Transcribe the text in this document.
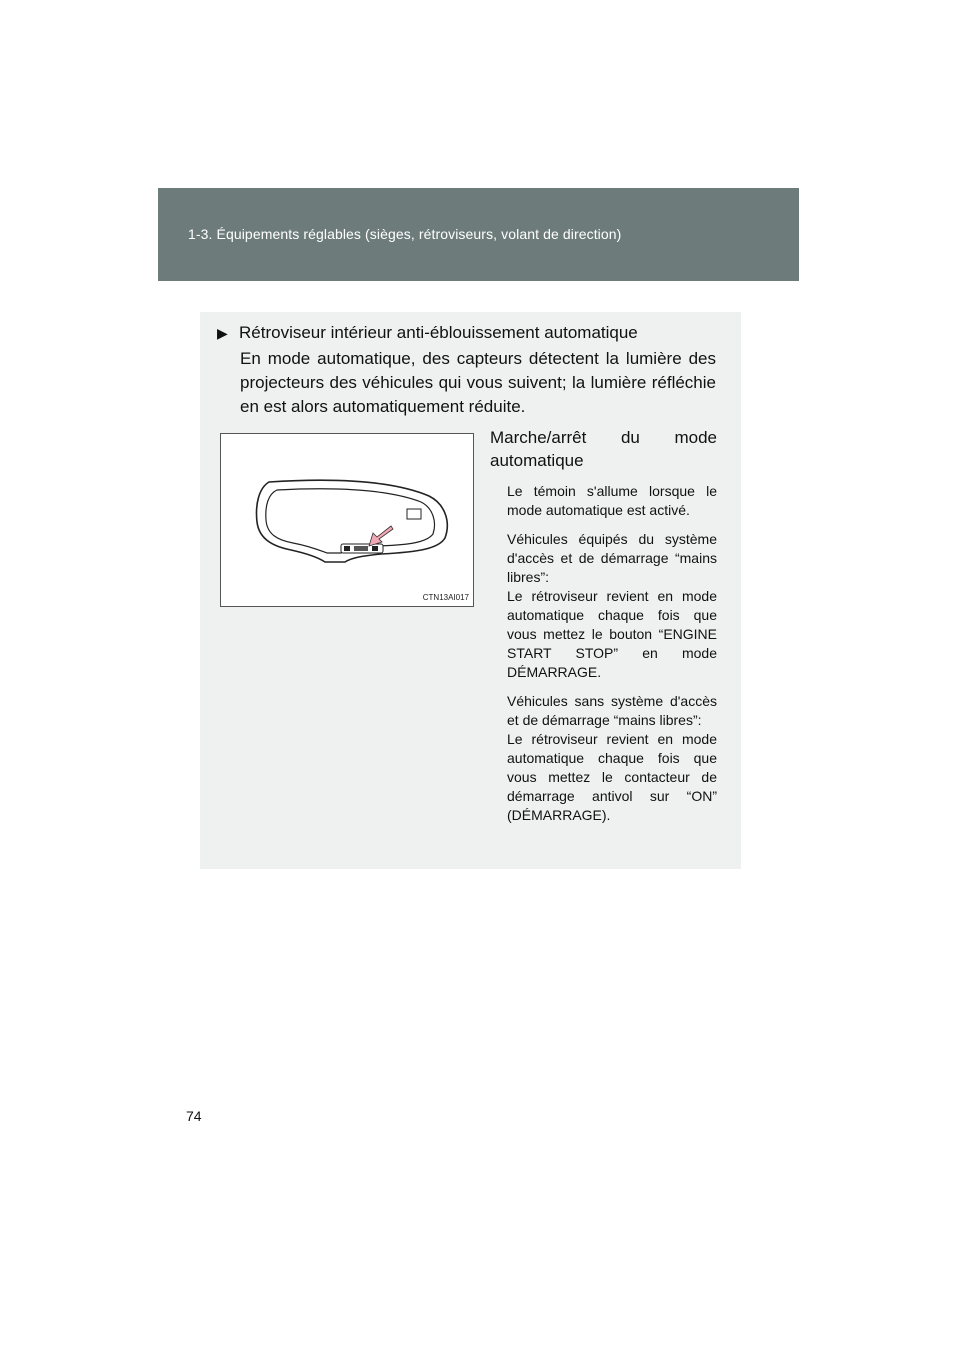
1-3. Équipements réglables (sièges, rétroviseurs, volant de direction)
▶ Rétroviseur intérieur anti-éblouissement automatique
En mode automatique, des capteurs détectent la lumière des projecteurs des véhicules qui vous suivent; la lumière réfléchie en est alors automatiquement réduite.
CTN13AI017
Marche/arrêt du mode
automatique
Le témoin s'allume lorsque le mode automatique est activé.
Véhicules équipés du système d'accès et de démarrage “mains libres”:
Le rétroviseur revient en mode automatique chaque fois que vous mettez le bouton “ENGINE START STOP” en mode DÉMARRAGE.
Véhicules sans système d'accès et de démarrage “mains libres”:
Le rétroviseur revient en mode automatique chaque fois que vous mettez le contacteur de démarrage antivol sur “ON” (DÉMARRAGE).
74
